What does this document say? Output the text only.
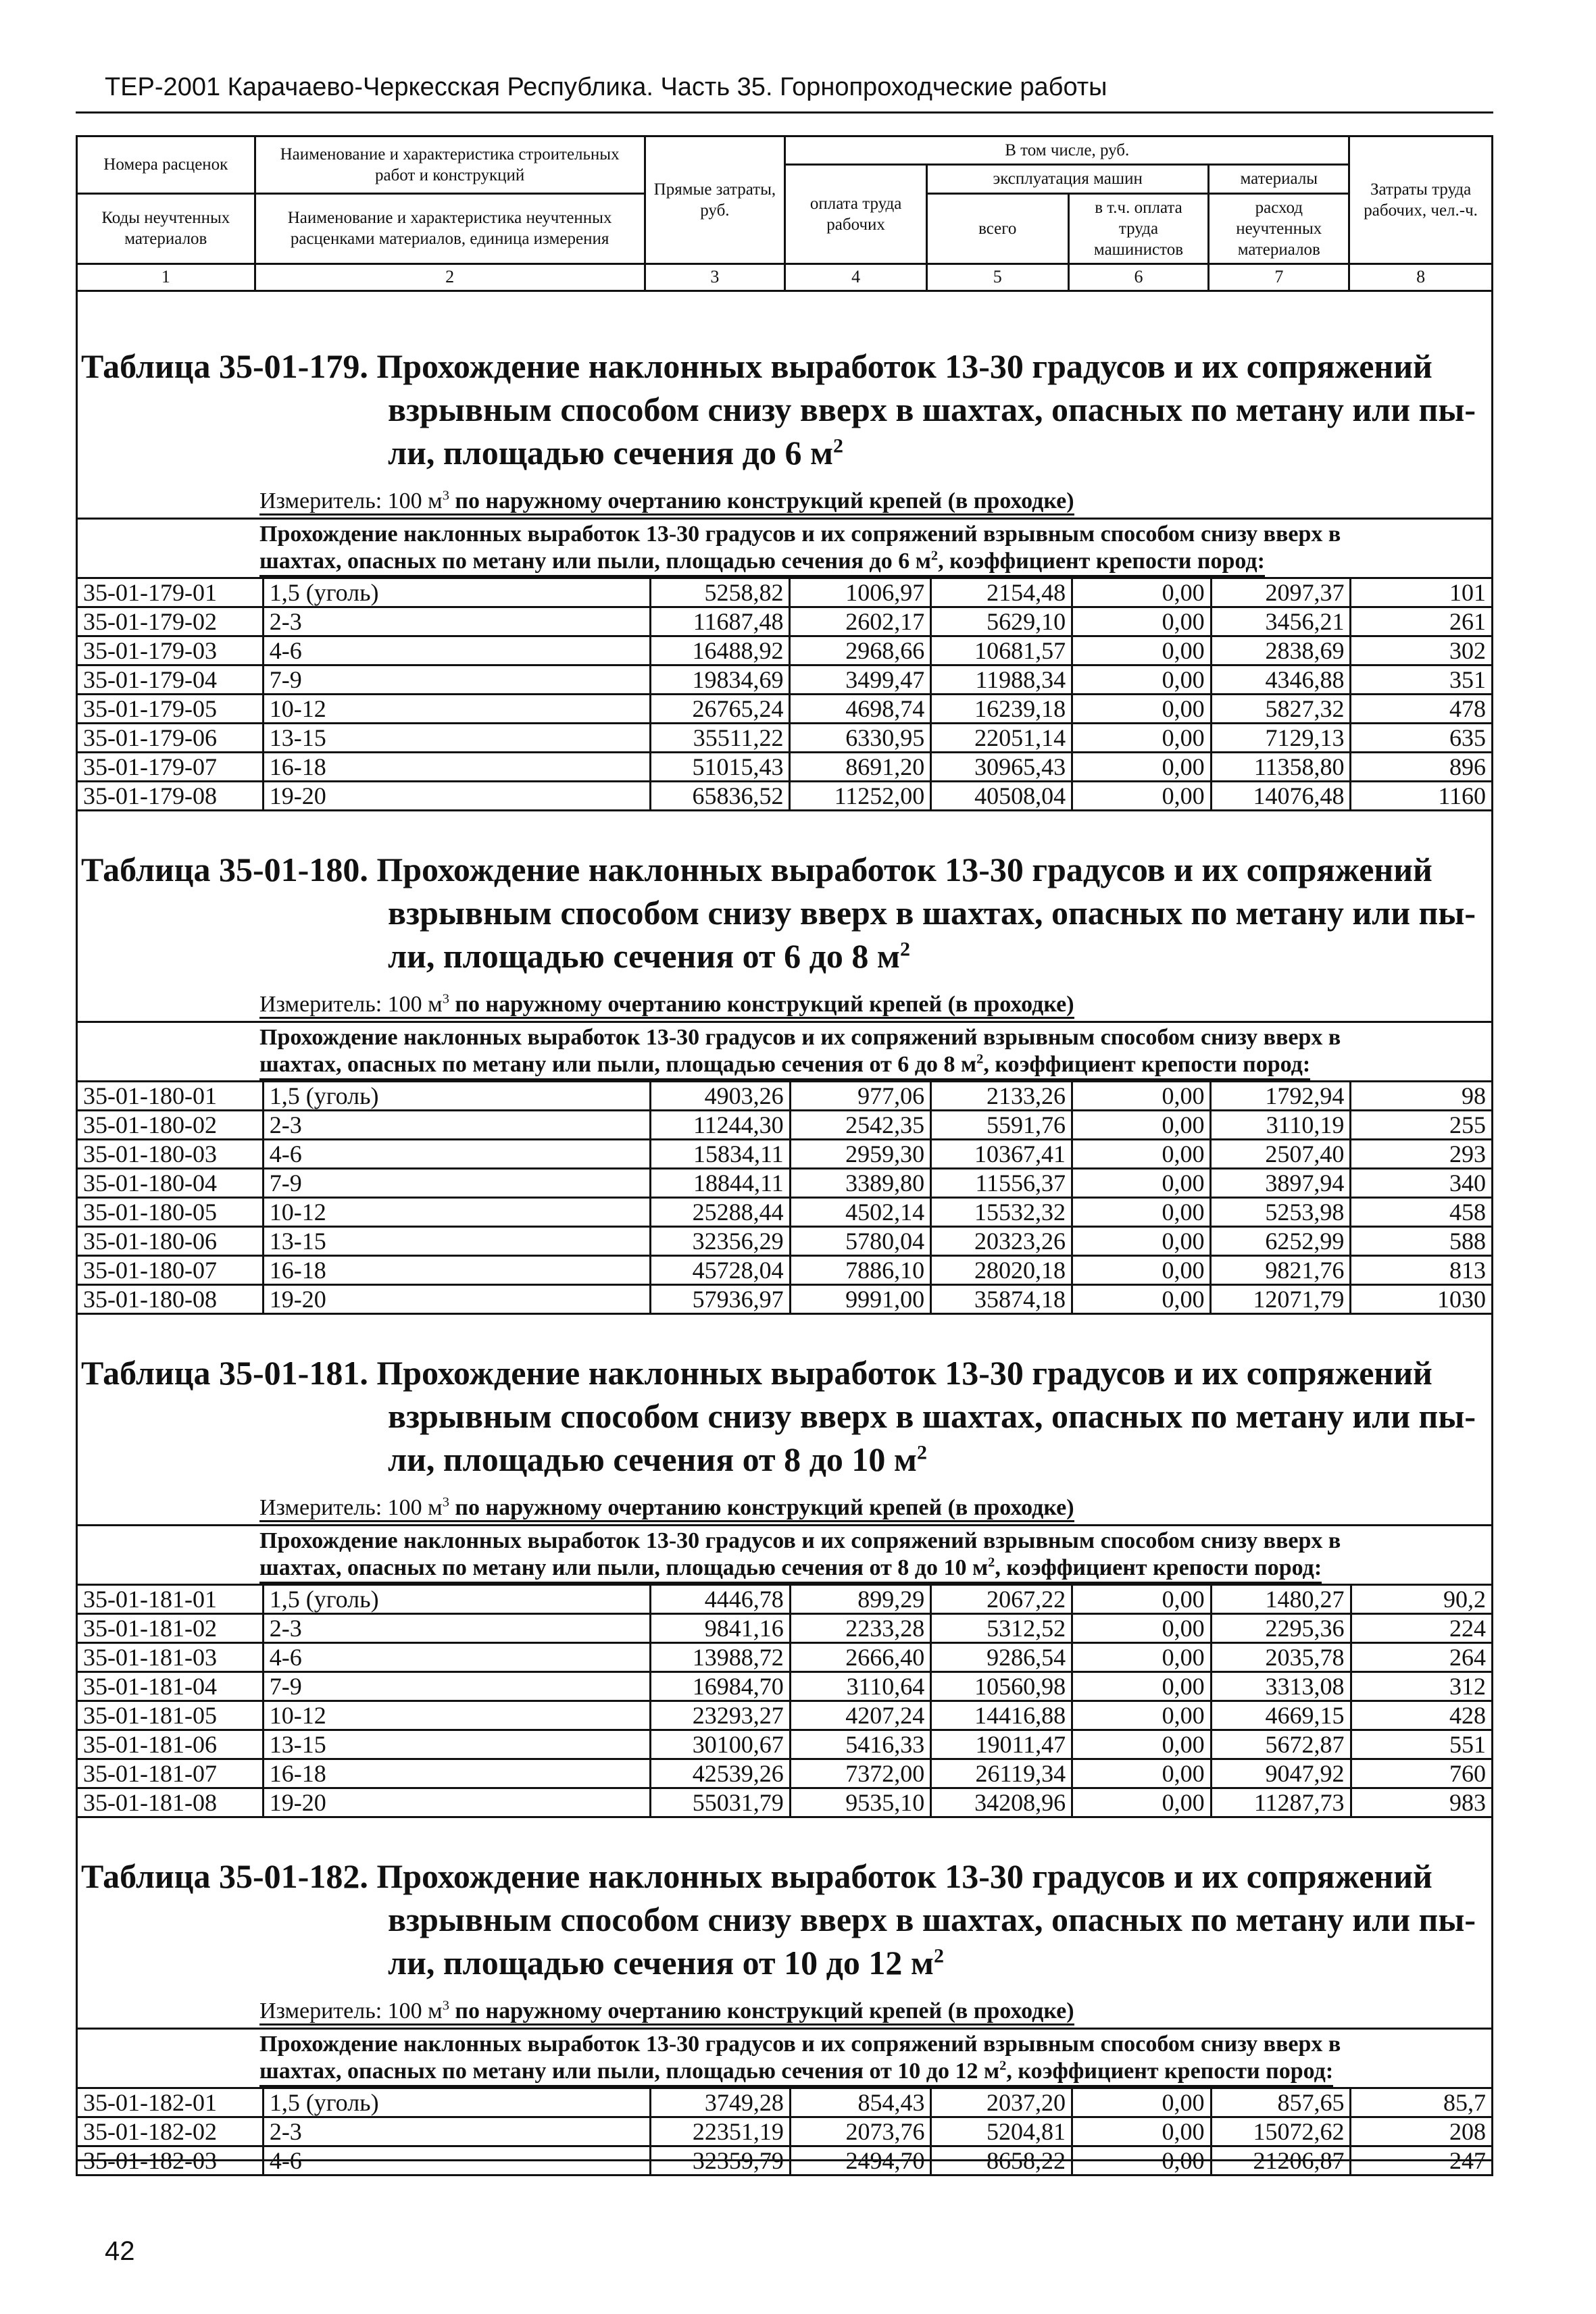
ТЕР-2001 Карачаево-Черкесская Республика. Часть 35. Горнопроходческие работы
Номера расценок	Наименование и характеристика строительных работ и конструкций	Прямые затраты, руб.	В том числе, руб.				Затраты труда рабочих, чел.-ч.
			оплата труда рабочих	эксплуатация машин		материалы	
Коды неучтенных материалов	Наименование и характеристика неучтенных расценками материалов, единица измерения			всего	в т.ч. оплата труда машинистов	расход неучтенных материалов	

1	2	3	4	5	6	7	8
Таблица 35-01-179. Прохождение наклонных выработок 13-30 градусов и их сопряжений
взрывным способом снизу вверх в шахтах, опасных по метану или пы-
ли, площадью сечения до 6 $м^2$
Измеритель: 100 $м^3$ по наружному очертанию конструкций крепей (в проходке)
Прохождение наклонных выработок 13-30 градусов и их сопряжений взрывным способом снизу вверх в
шахтах, опасных по метану или пыли, площадью сечения до 6 $м^2$, коэффициент крепости пород:
35-01-179-01	1,5 (уголь)	5258,82	1006,97	2154,48	0,00	2097,37	101
35-01-179-02	2-3	11687,48	2602,17	5629,10	0,00	3456,21	261
35-01-179-03	4-6	16488,92	2968,66	10681,57	0,00	2838,69	302
35-01-179-04	7-9	19834,69	3499,47	11988,34	0,00	4346,88	351
35-01-179-05	10-12	26765,24	4698,74	16239,18	0,00	5827,32	478
35-01-179-06	13-15	35511,22	6330,95	22051,14	0,00	7129,13	635
35-01-179-07	16-18	51015,43	8691,20	30965,43	0,00	11358,80	896
35-01-179-08	19-20	65836,52	11252,00	40508,04	0,00	14076,48	1160
Таблица 35-01-180. Прохождение наклонных выработок 13-30 градусов и их сопряжений
взрывным способом снизу вверх в шахтах, опасных по метану или пы-
ли, площадью сечения от 6 до 8 $м^2$
Измеритель: 100 $м^3$ по наружному очертанию конструкций крепей (в проходке)
Прохождение наклонных выработок 13-30 градусов и их сопряжений взрывным способом снизу вверх в
шахтах, опасных по метану или пыли, площадью сечения от 6 до 8 $м^2$, коэффициент крепости пород:
35-01-180-01	1,5 (уголь)	4903,26	977,06	2133,26	0,00	1792,94	98
35-01-180-02	2-3	11244,30	2542,35	5591,76	0,00	3110,19	255
35-01-180-03	4-6	15834,11	2959,30	10367,41	0,00	2507,40	293
35-01-180-04	7-9	18844,11	3389,80	11556,37	0,00	3897,94	340
35-01-180-05	10-12	25288,44	4502,14	15532,32	0,00	5253,98	458
35-01-180-06	13-15	32356,29	5780,04	20323,26	0,00	6252,99	588
35-01-180-07	16-18	45728,04	7886,10	28020,18	0,00	9821,76	813
35-01-180-08	19-20	57936,97	9991,00	35874,18	0,00	12071,79	1030
Таблица 35-01-181. Прохождение наклонных выработок 13-30 градусов и их сопряжений
взрывным способом снизу вверх в шахтах, опасных по метану или пы-
ли, площадью сечения от 8 до 10 $м^2$
Измеритель: 100 $м^3$ по наружному очертанию конструкций крепей (в проходке)
Прохождение наклонных выработок 13-30 градусов и их сопряжений взрывным способом снизу вверх в
шахтах, опасных по метану или пыли, площадью сечения от 8 до 10 $м^2$, коэффициент крепости пород:
35-01-181-01	1,5 (уголь)	4446,78	899,29	2067,22	0,00	1480,27	90,2
35-01-181-02	2-3	9841,16	2233,28	5312,52	0,00	2295,36	224
35-01-181-03	4-6	13988,72	2666,40	9286,54	0,00	2035,78	264
35-01-181-04	7-9	16984,70	3110,64	10560,98	0,00	3313,08	312
35-01-181-05	10-12	23293,27	4207,24	14416,88	0,00	4669,15	428
35-01-181-06	13-15	30100,67	5416,33	19011,47	0,00	5672,87	551
35-01-181-07	16-18	42539,26	7372,00	26119,34	0,00	9047,92	760
35-01-181-08	19-20	55031,79	9535,10	34208,96	0,00	11287,73	983
Таблица 35-01-182. Прохождение наклонных выработок 13-30 градусов и их сопряжений
взрывным способом снизу вверх в шахтах, опасных по метану или пы-
ли, площадью сечения от 10 до 12 $м^2$
Измеритель: 100 $м^3$ по наружному очертанию конструкций крепей (в проходке)
Прохождение наклонных выработок 13-30 градусов и их сопряжений взрывным способом снизу вверх в
шахтах, опасных по метану или пыли, площадью сечения от 10 до 12 $м^2$, коэффициент крепости пород:
35-01-182-01	1,5 (уголь)	3749,28	854,43	2037,20	0,00	857,65	85,7
35-01-182-02	2-3	22351,19	2073,76	5204,81	0,00	15072,62	208
35-01-182-03	4-6	32359,79	2494,70	8658,22	0,00	21206,87	247
42
